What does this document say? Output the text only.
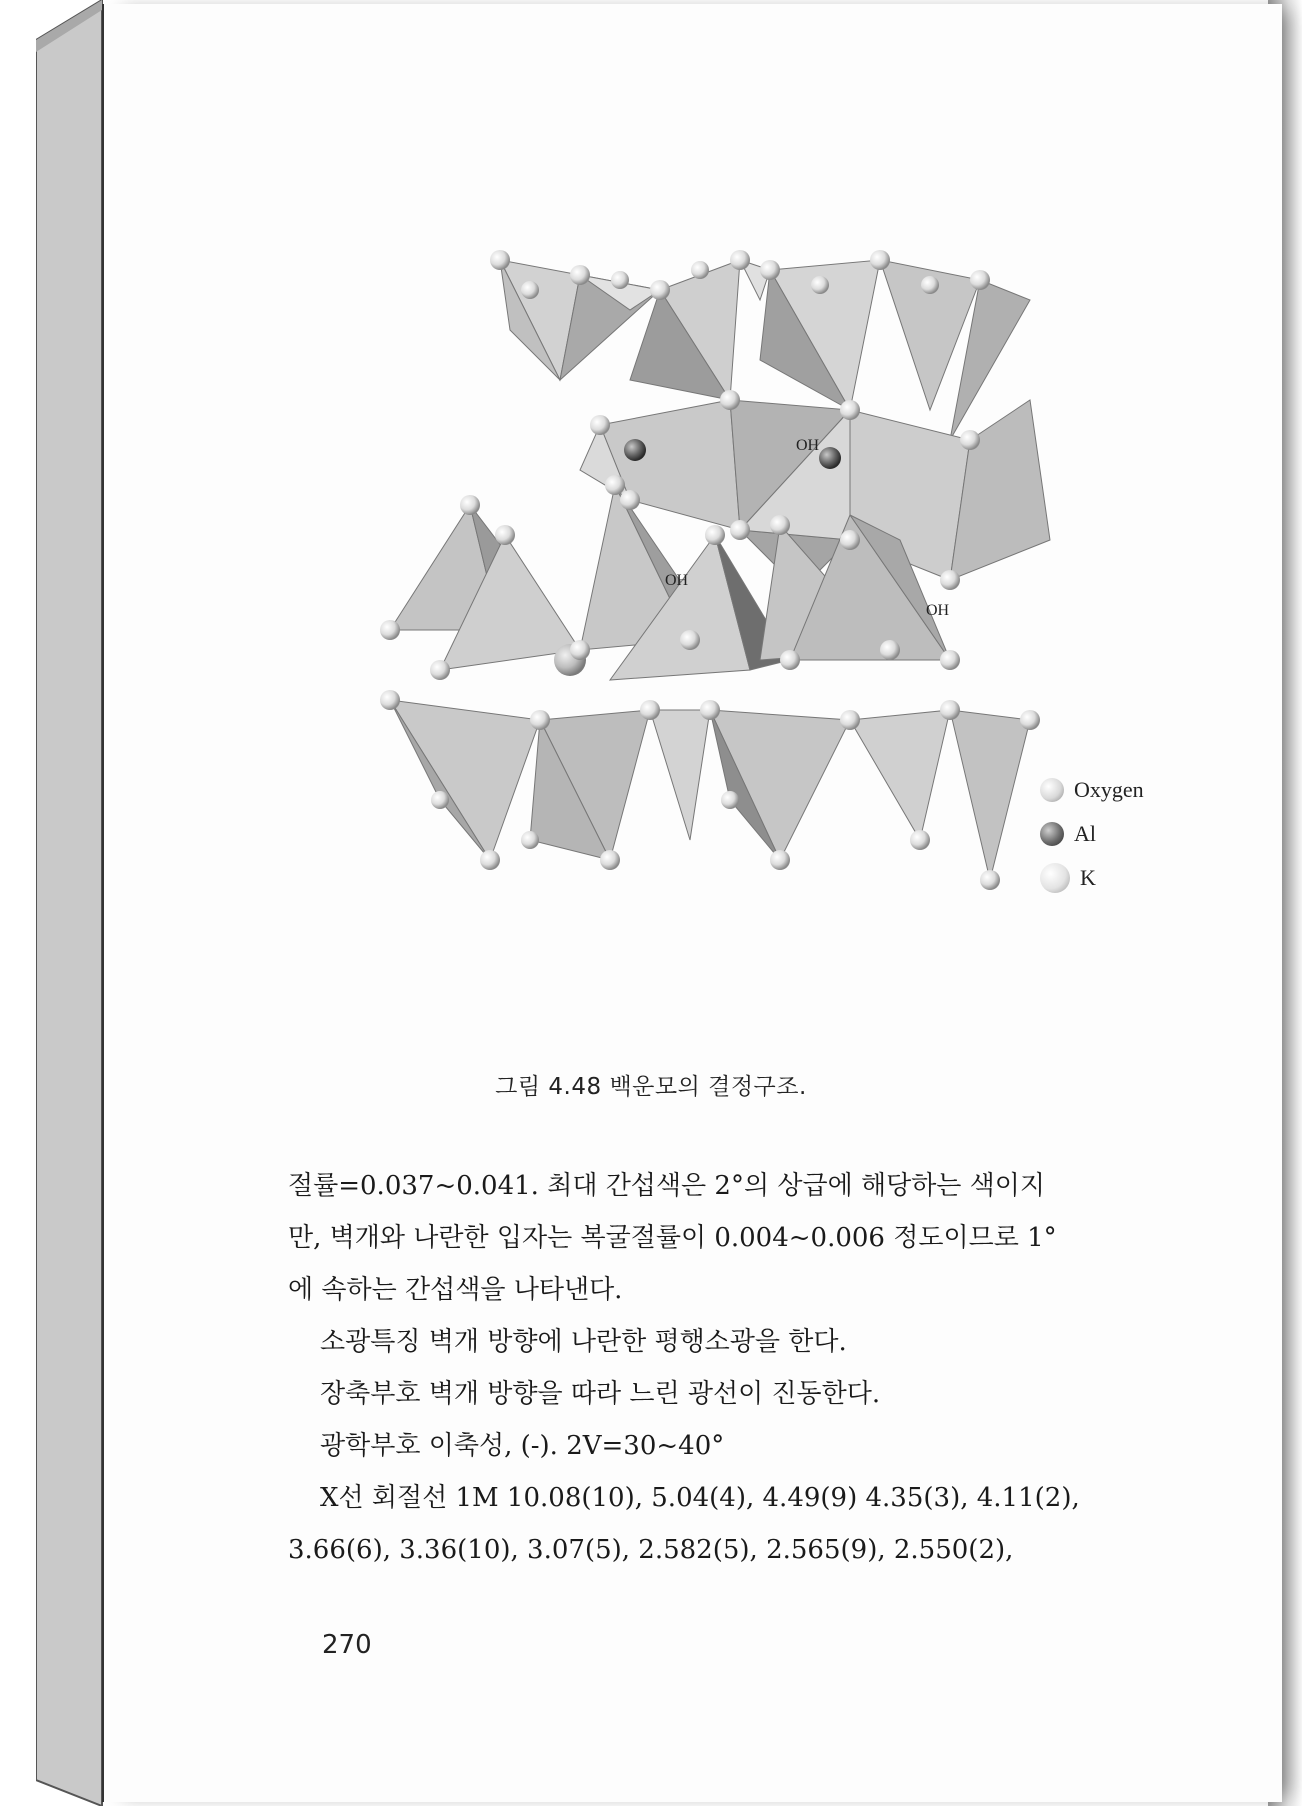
OH
OH
OH
Oxygen
Al
K
그림 4.48 백운모의 결정구조.

절률=0.037~0.041. 최대 간섭색은 2°의 상급에 해당하는 색이지

만, 벽개와 나란한 입자는 복굴절률이 0.004~0.006 정도이므로 1°

에 속하는 간섭색을 나타낸다.

소광특징 벽개 방향에 나란한 평행소광을 한다.

장축부호 벽개 방향을 따라 느린 광선이 진동한다.

광학부호 이축성, (-). 2V=30~40°

X선 회절선 1M 10.08(10), 5.04(4), 4.49(9) 4.35(3), 4.11(2),

3.66(6), 3.36(10), 3.07(5), 2.582(5), 2.565(9), 2.550(2),

270
